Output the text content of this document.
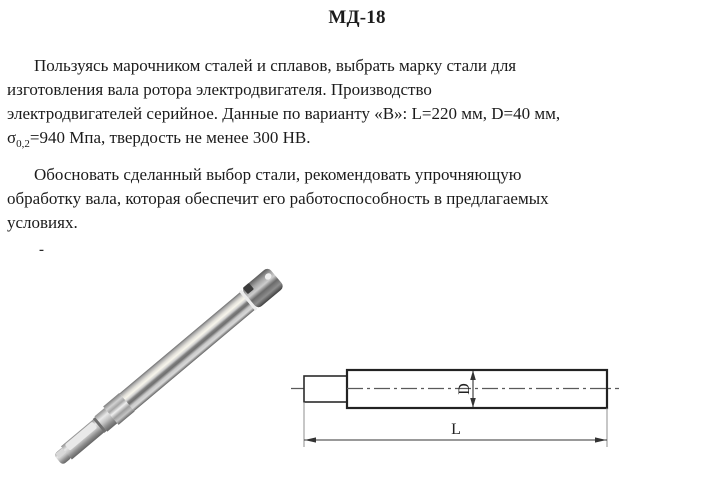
МД-18
Пользуясь марочником сталей и сплавов, выбрать марку стали для
изготовления вала ротора электродвигателя. Производство
электродвигателей серийное. Данные по варианту «В»: L=220 мм, D=40 мм,
$\sigma_{0,2}=940$ Мпа, твердость не менее 300 НВ.
Обосновать сделанный выбор стали, рекомендовать упрочняющую
обработку вала, которая обеспечит его работоспособность в предлагаемых
условиях.
-
D
L
